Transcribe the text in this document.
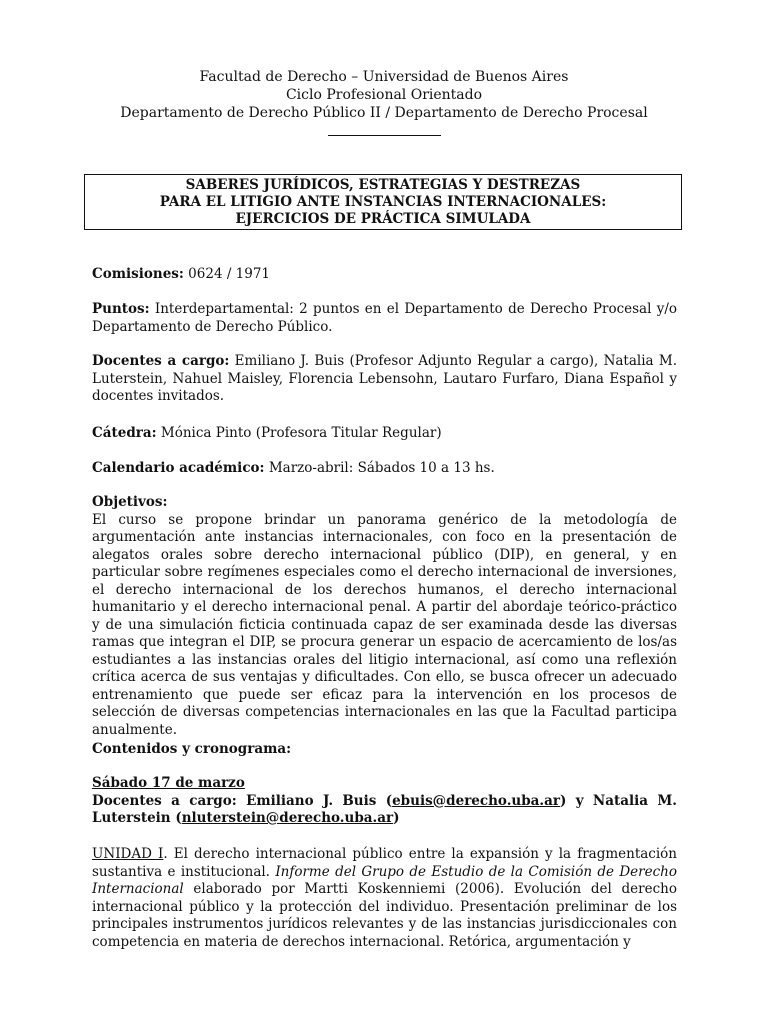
Facultad de Derecho – Universidad de Buenos Aires
Ciclo Profesional Orientado
Departamento de Derecho Público II / Departamento de Derecho Procesal
SABERES JURÍDICOS, ESTRATEGIAS Y DESTREZAS
PARA EL LITIGIO ANTE INSTANCIAS INTERNACIONALES:
EJERCICIOS DE PRÁCTICA SIMULADA
Comisiones: 0624 / 1971
Puntos: Interdepartamental: 2 puntos en el Departamento de Derecho Procesal y/o Departamento de Derecho Público.
Docentes a cargo: Emiliano J. Buis (Profesor Adjunto Regular a cargo), Natalia M. Luterstein, Nahuel Maisley, Florencia Lebensohn, Lautaro Furfaro, Diana Español y docentes invitados.
Cátedra: Mónica Pinto (Profesora Titular Regular)
Calendario académico: Marzo-abril: Sábados 10 a 13 hs.
Objetivos:
El curso se propone brindar un panorama genérico de la metodología de argumentación ante instancias internacionales, con foco en la presentación de alegatos orales sobre derecho internacional público (DIP), en general, y en particular sobre regímenes especiales como el derecho internacional de inversiones, el derecho internacional de los derechos humanos, el derecho internacional humanitario y el derecho internacional penal. A partir del abordaje teórico-práctico y de una simulación ficticia continuada capaz de ser examinada desde las diversas ramas que integran el DIP, se procura generar un espacio de acercamiento de los/as estudiantes a las instancias orales del litigio internacional, así como una reflexión crítica acerca de sus ventajas y dificultades. Con ello, se busca ofrecer un adecuado entrenamiento que puede ser eficaz para la intervención en los procesos de selección de diversas competencias internacionales en las que la Facultad participa anualmente.
Contenidos y cronograma:
Sábado 17 de marzo
Docentes a cargo: Emiliano J. Buis (ebuis@derecho.uba.ar) y Natalia M. Luterstein (nluterstein@derecho.uba.ar)
UNIDAD I. El derecho internacional público entre la expansión y la fragmentación sustantiva e institucional. Informe del Grupo de Estudio de la Comisión de Derecho Internacional elaborado por Martti Koskenniemi (2006). Evolución del derecho internacional público y la protección del individuo. Presentación preliminar de los principales instrumentos jurídicos relevantes y de las instancias jurisdiccionales con competencia en materia de derechos internacional. Retórica, argumentación y
